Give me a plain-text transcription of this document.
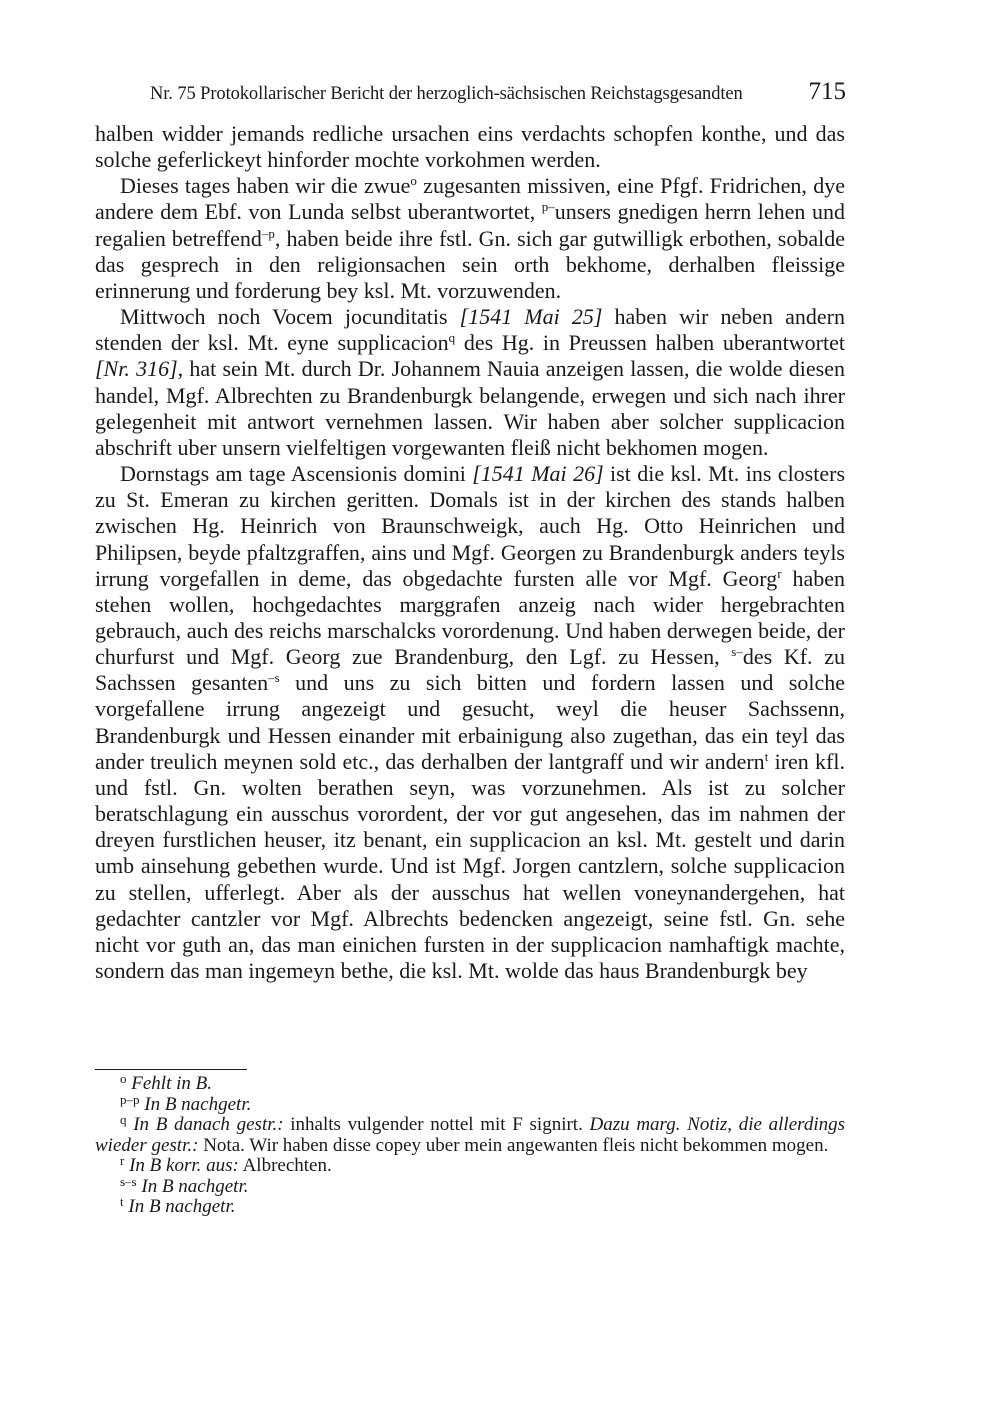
Nr. 75 Protokollarischer Bericht der herzoglich-sächsischen Reichstagsgesandten	715

halben widder jemands redliche ursachen eins verdachts schopfen konthe, und das solche geferlickeyt hinforder mochte vorkohmen werden.

Dieses tages haben wir die zwue$^o$ zugesanten missiven, eine Pfgf. Fridrichen, dye andere dem Ebf. von Lunda selbst uberantwortet, $^{p-}$unsers gnedigen herrn lehen und regalien betreffend$^{-p}$, haben beide ihre fstl. Gn. sich gar gutwilligk erbothen, sobalde das gesprech in den religionsachen sein orth bekhome, derhalben fleissige erinnerung und forderung bey ksl. Mt. vorzuwenden.

Mittwoch noch Vocem jocunditatis [1541 Mai 25] haben wir neben andern stenden der ksl. Mt. eyne supplicacion$^q$ des Hg. in Preussen halben uberantwortet [Nr. 316], hat sein Mt. durch Dr. Johannem Nauia anzeigen lassen, die wolde diesen handel, Mgf. Albrechten zu Brandenburgk belangende, erwegen und sich nach ihrer gelegenheit mit antwort vernehmen lassen. Wir haben aber solcher supplicacion abschrift uber unsern vielfeltigen vorgewanten fleiß nicht bekhomen mogen.

Dornstags am tage Ascensionis domini [1541 Mai 26] ist die ksl. Mt. ins closters zu St. Emeran zu kirchen geritten. Domals ist in der kirchen des stands halben zwischen Hg. Heinrich von Braunschweigk, auch Hg. Otto Heinrichen und Philipsen, beyde pfaltzgraffen, ains und Mgf. Georgen zu Brandenburgk anders teyls irrung vorgefallen in deme, das obgedachte fursten alle vor Mgf. Georg$^r$ haben stehen wollen, hochgedachtes marggrafen anzeig nach wider hergebrachten gebrauch, auch des reichs marschalcks vorordenung. Und haben derwegen beide, der churfurst und Mgf. Georg zue Brandenburg, den Lgf. zu Hessen, $^{s-}$des Kf. zu Sachssen gesanten$^{-s}$ und uns zu sich bitten und fordern lassen und solche vorgefallene irrung angezeigt und gesucht, weyl die heuser Sachssenn, Brandenburgk und Hessen einander mit erbainigung also zugethan, das ein teyl das ander treulich meynen sold etc., das derhalben der lantgraff und wir andern$^t$ iren kfl. und fstl. Gn. wolten berathen seyn, was vorzunehmen. Als ist zu solcher beratschlagung ein ausschus vorordent, der vor gut angesehen, das im nahmen der dreyen furstlichen heuser, itz benant, ein supplicacion an ksl. Mt. gestelt und darin umb ainsehung gebethen wurde. Und ist Mgf. Jorgen cantzlern, solche supplicacion zu stellen, ufferlegt. Aber als der ausschus hat wellen voneynandergehen, hat gedachter cantzler vor Mgf. Albrechts bedencken angezeigt, seine fstl. Gn. sehe nicht vor guth an, das man einichen fursten in der supplicacion namhaftigk machte, sondern das man ingemeyn bethe, die ksl. Mt. wolde das haus Brandenburgk bey

$^o$ Fehlt in B.

$^{p-p}$ In B nachgetr.

$^q$ In B danach gestr.: inhalts vulgender nottel mit F signirt. Dazu marg. Notiz, die allerdings wieder gestr.: Nota. Wir haben disse copey uber mein angewanten fleis nicht bekommen mogen.

$^r$ In B korr. aus: Albrechten.

$^{s-s}$ In B nachgetr.

$^t$ In B nachgetr.
